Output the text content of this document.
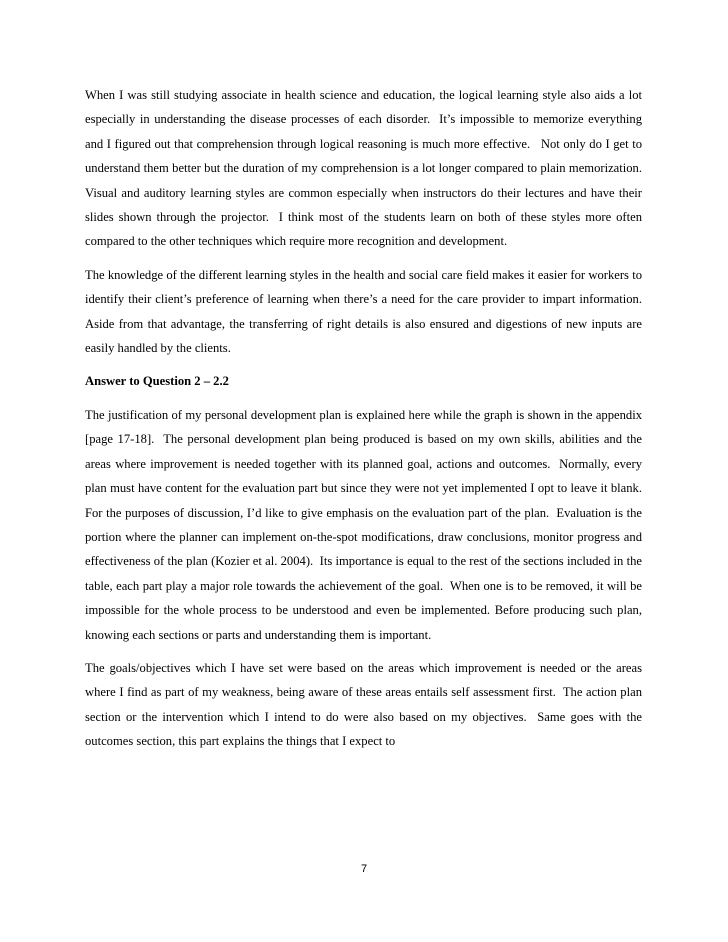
When I was still studying associate in health science and education, the logical learning style also aids a lot especially in understanding the disease processes of each disorder.  It’s impossible to memorize everything and I figured out that comprehension through logical reasoning is much more effective.   Not only do I get to understand them better but the duration of my comprehension is a lot longer compared to plain memorization.  Visual and auditory learning styles are common especially when instructors do their lectures and have their slides shown through the projector.  I think most of the students learn on both of these styles more often compared to the other techniques which require more recognition and development.

The knowledge of the different learning styles in the health and social care field makes it easier for workers to identify their client’s preference of learning when there’s a need for the care provider to impart information.  Aside from that advantage, the transferring of right details is also ensured and digestions of new inputs are easily handled by the clients.

Answer to Question 2 – 2.2

The justification of my personal development plan is explained here while the graph is shown in the appendix [page 17-18].  The personal development plan being produced is based on my own skills, abilities and the areas where improvement is needed together with its planned goal, actions and outcomes.  Normally, every plan must have content for the evaluation part but since they were not yet implemented I opt to leave it blank.  For the purposes of discussion, I’d like to give emphasis on the evaluation part of the plan.  Evaluation is the portion where the planner can implement on-the-spot modifications, draw conclusions, monitor progress and effectiveness of the plan (Kozier et al. 2004).  Its importance is equal to the rest of the sections included in the table, each part play a major role towards the achievement of the goal.  When one is to be removed, it will be impossible for the whole process to be understood and even be implemented. Before producing such plan, knowing each sections or parts and understanding them is important.

The goals/objectives which I have set were based on the areas which improvement is needed or the areas where I find as part of my weakness, being aware of these areas entails self assessment first.  The action plan section or the intervention which I intend to do were also based on my objectives.  Same goes with the outcomes section, this part explains the things that I expect to

7
